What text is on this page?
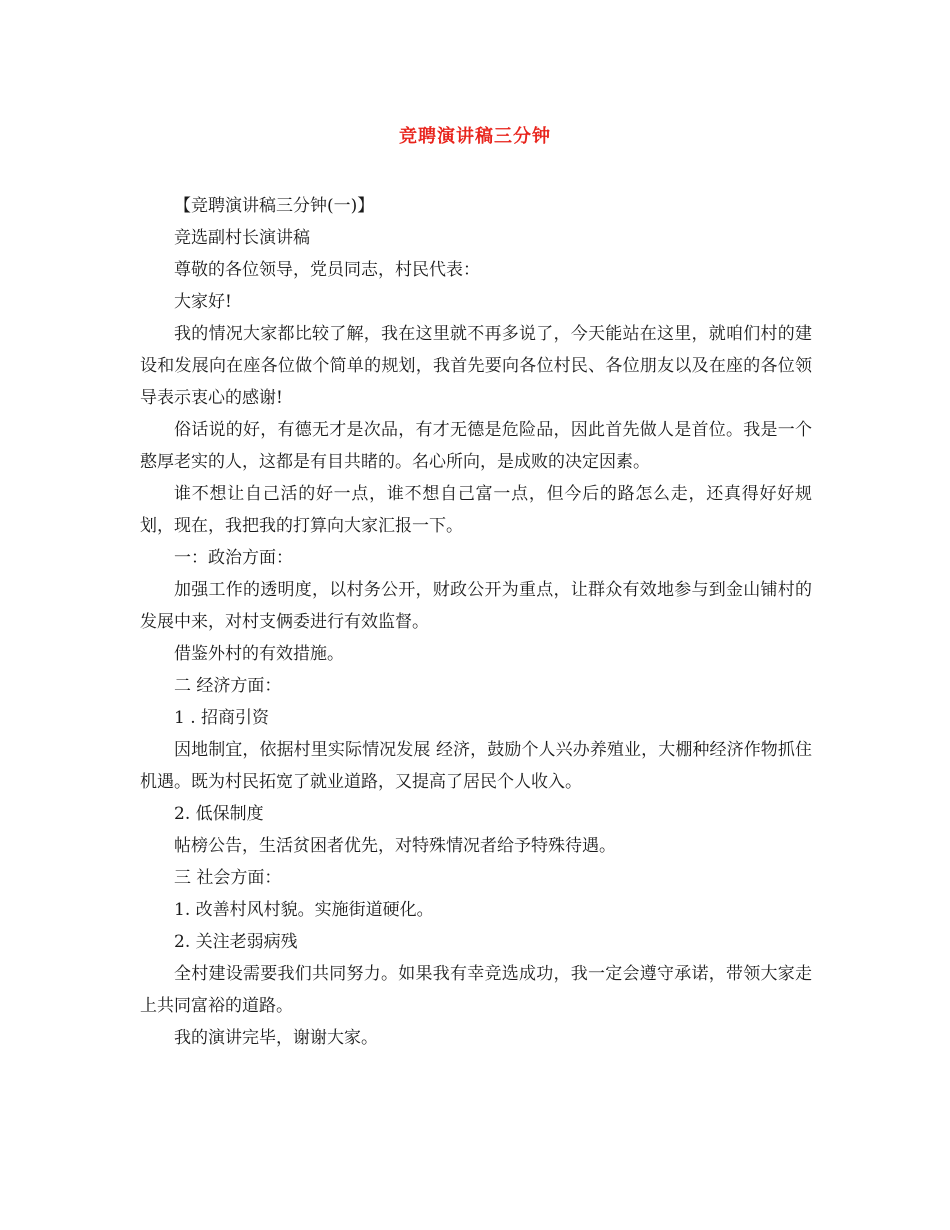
竞聘演讲稿三分钟

【竞聘演讲稿三分钟(一)】

竞选副村长演讲稿

尊敬的各位领导，党员同志，村民代表：

大家好!

我的情况大家都比较了解，我在这里就不再多说了，今天能站在这里，就咱们村的建设和发展向在座各位做个简单的规划，我首先要向各位村民、各位朋友以及在座的各位领导表示衷心的感谢!

俗话说的好，有德无才是次品，有才无德是危险品，因此首先做人是首位。我是一个憨厚老实的人，这都是有目共睹的。名心所向，是成败的决定因素。

谁不想让自己活的好一点，谁不想自己富一点，但今后的路怎么走，还真得好好规划，现在，我把我的打算向大家汇报一下。

一：政治方面：

加强工作的透明度，以村务公开，财政公开为重点，让群众有效地参与到金山铺村的发展中来，对村支俩委进行有效监督。

借鉴外村的有效措施。

二 经济方面：

1 . 招商引资

因地制宜，依据村里实际情况发展 经济，鼓励个人兴办养殖业，大棚种经济作物抓住机遇。既为村民拓宽了就业道路，又提高了居民个人收入。

2. 低保制度

帖榜公告，生活贫困者优先，对特殊情况者给予特殊待遇。

三 社会方面：

1. 改善村风村貌。实施街道硬化。

2. 关注老弱病残

全村建设需要我们共同努力。如果我有幸竞选成功，我一定会遵守承诺，带领大家走上共同富裕的道路。

我的演讲完毕，谢谢大家。
